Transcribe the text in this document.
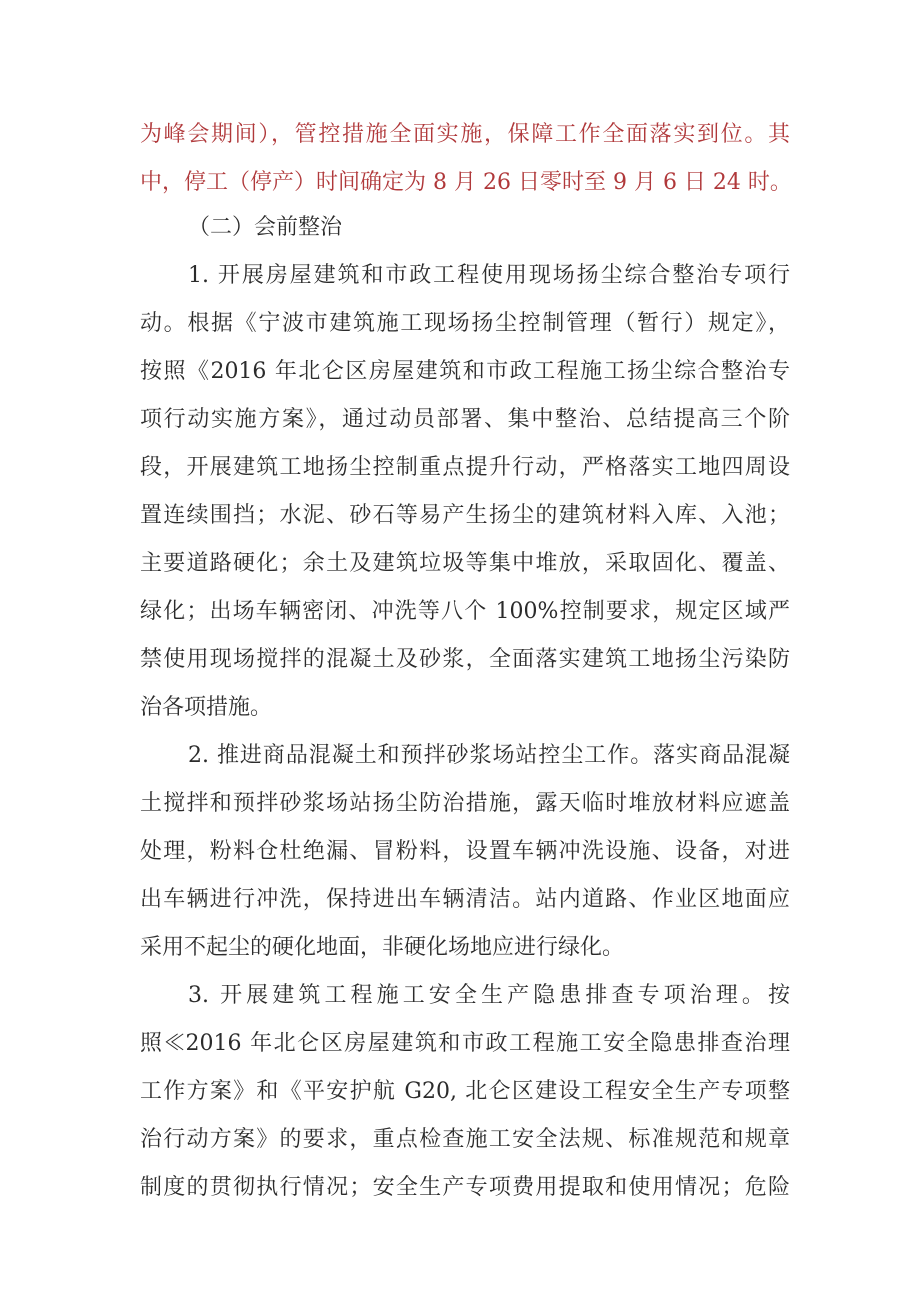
为峰会期间），管控措施全面实施，保障工作全面落实到位。其
中，停工（停产）时间确定为 8 月 26 日零时至 9 月 6 日 24 时。
（二）会前整治
1. 开展房屋建筑和市政工程使用现场扬尘综合整治专项行
动。根据《宁波市建筑施工现场扬尘控制管理（暂行）规定》，
按照《2016 年北仑区房屋建筑和市政工程施工扬尘综合整治专
项行动实施方案》，通过动员部署、集中整治、总结提高三个阶
段，开展建筑工地扬尘控制重点提升行动，严格落实工地四周设
置连续围挡；水泥、砂石等易产生扬尘的建筑材料入库、入池；
主要道路硬化；余土及建筑垃圾等集中堆放，采取固化、覆盖、
绿化；出场车辆密闭、冲洗等八个 100%控制要求，规定区域严
禁使用现场搅拌的混凝土及砂浆，全面落实建筑工地扬尘污染防
治各项措施。
2. 推进商品混凝土和预拌砂浆场站控尘工作。落实商品混凝
土搅拌和预拌砂浆场站扬尘防治措施，露天临时堆放材料应遮盖
处理，粉料仓杜绝漏、冒粉料，设置车辆冲洗设施、设备，对进
出车辆进行冲洗，保持进出车辆清洁。站内道路、作业区地面应
采用不起尘的硬化地面，非硬化场地应进行绿化。
3. 开展建筑工程施工安全生产隐患排查专项治理。按
照≪2016 年北仑区房屋建筑和市政工程施工安全隐患排查治理
工作方案》和《平安护航 G20, 北仑区建设工程安全生产专项整
治行动方案》的要求，重点检查施工安全法规、标准规范和规章
制度的贯彻执行情况；安全生产专项费用提取和使用情况；危险
